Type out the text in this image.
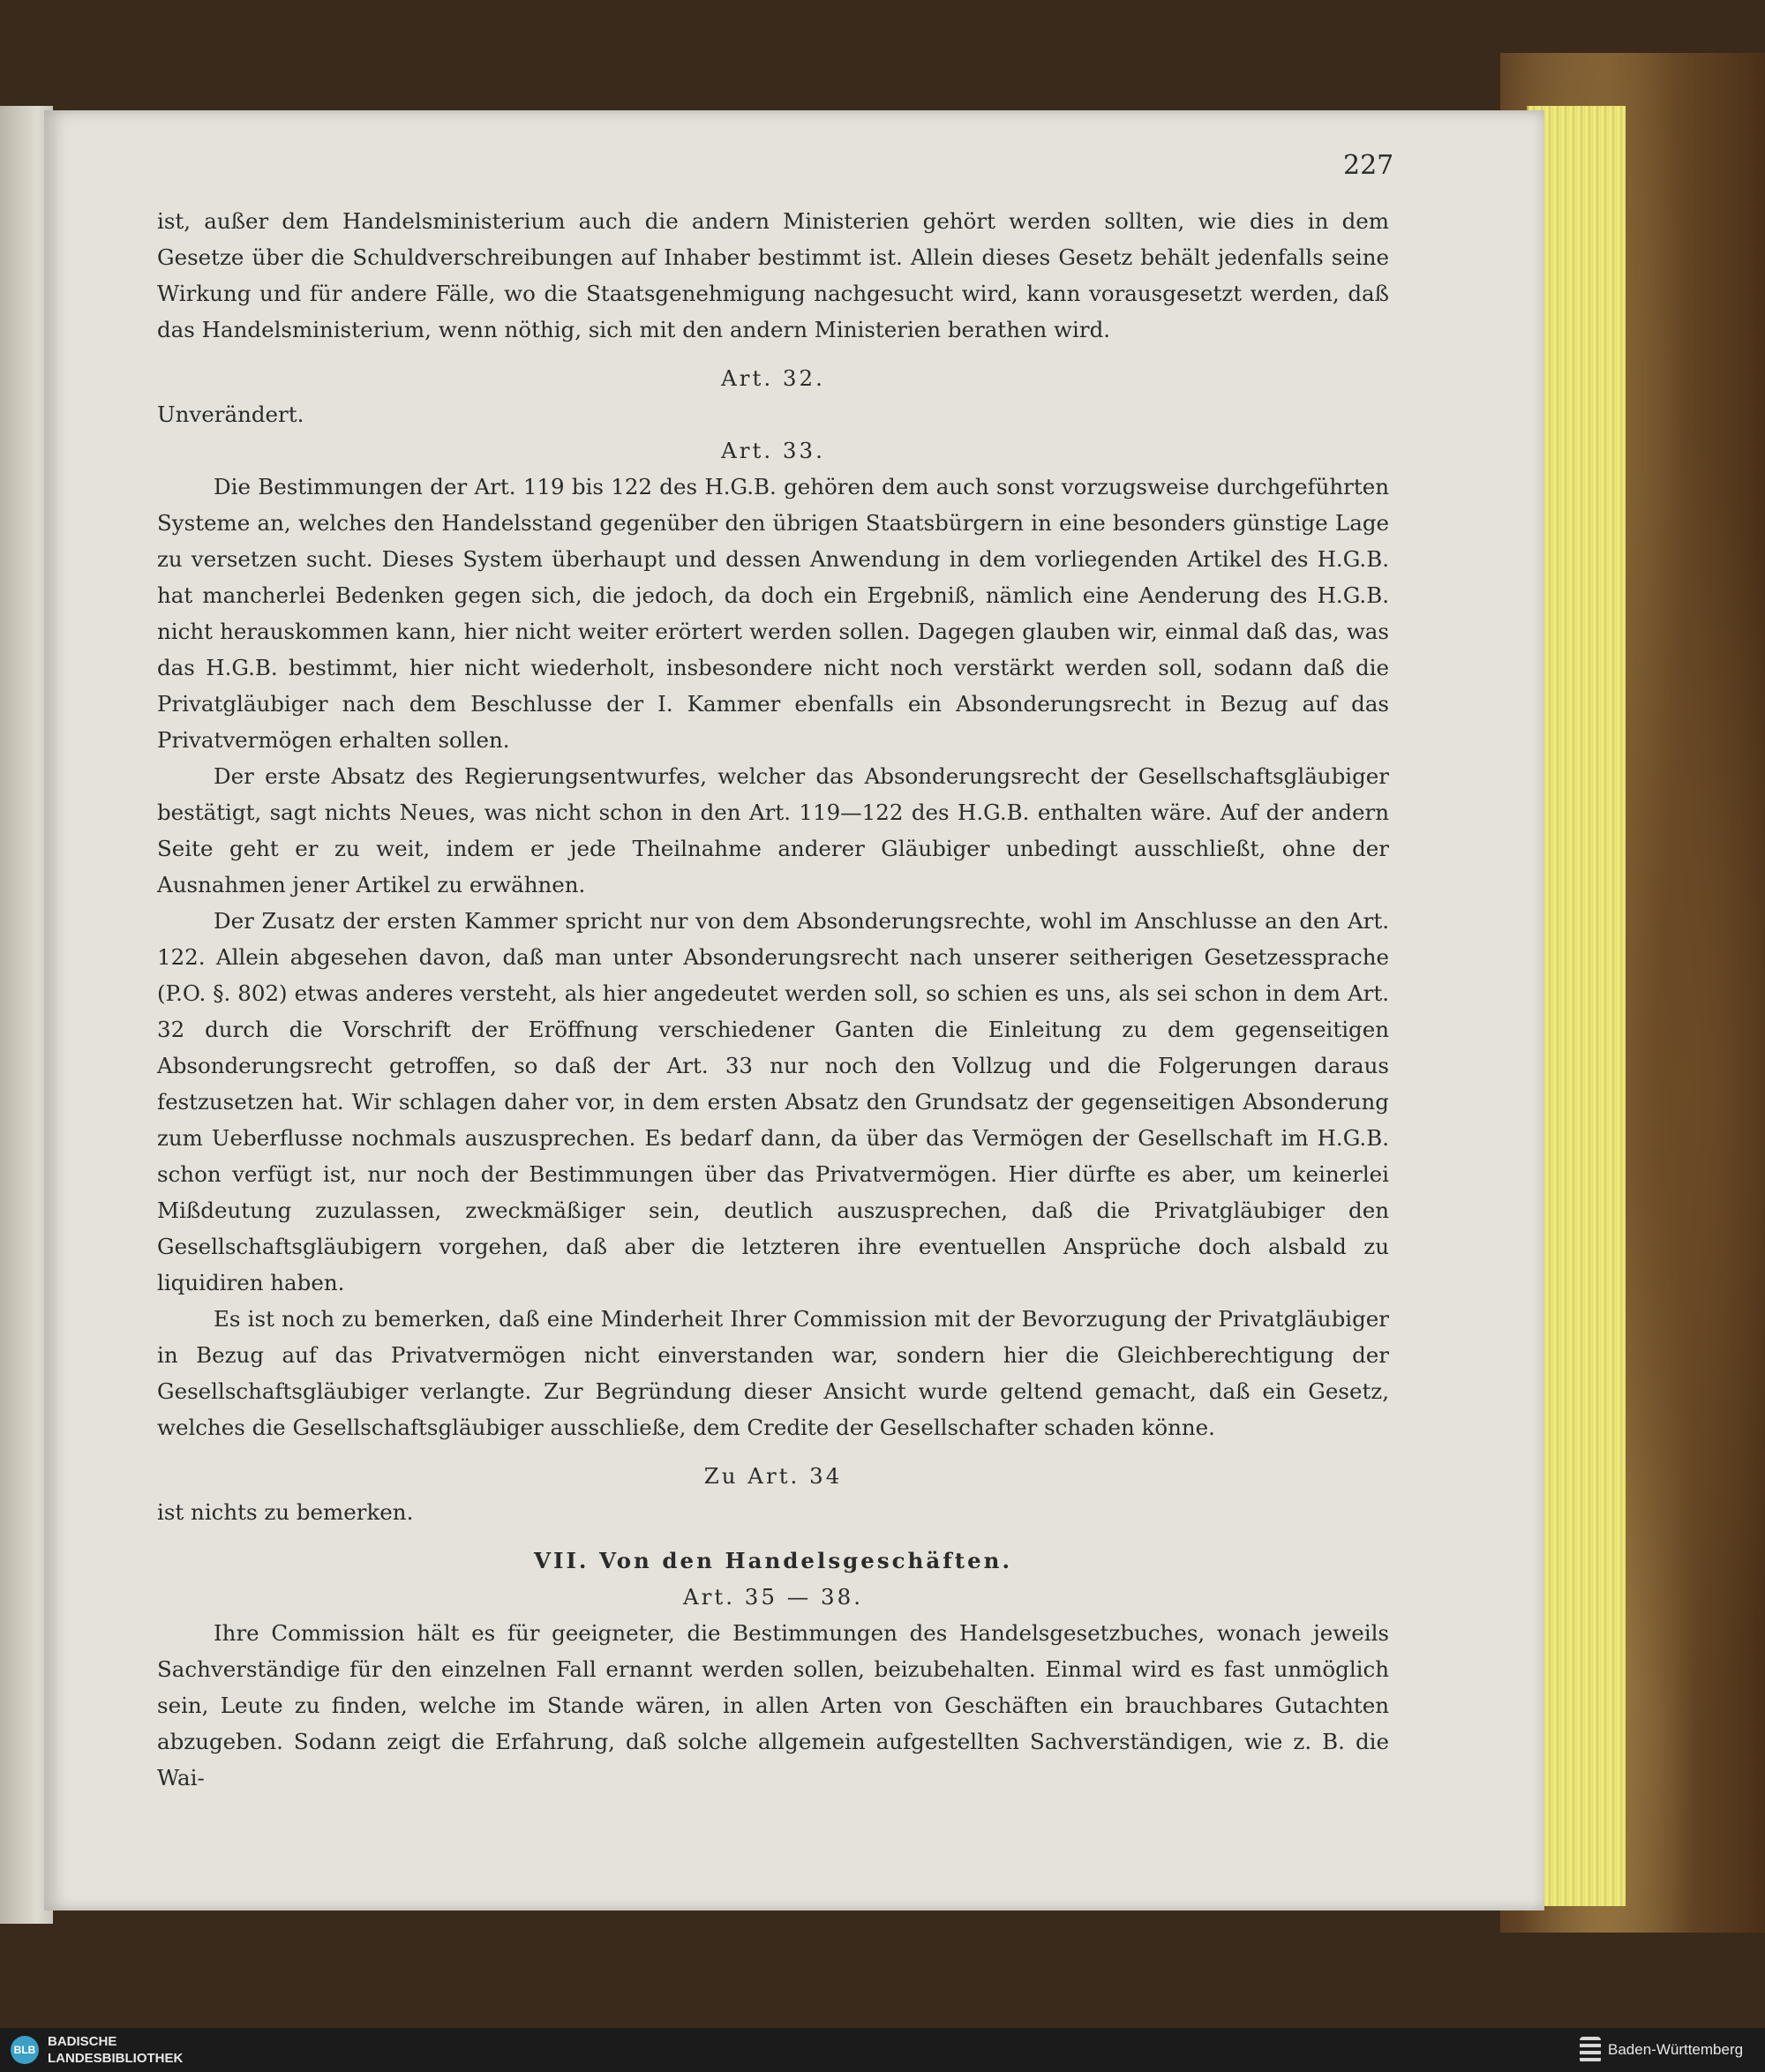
227

ist, außer dem Handelsministerium auch die andern Ministerien gehört werden sollten, wie dies in dem Gesetze über die Schuldverschreibungen auf Inhaber bestimmt ist. Allein dieses Gesetz behält jedenfalls seine Wirkung und für andere Fälle, wo die Staatsgenehmigung nachgesucht wird, kann vorausgesetzt werden, daß das Handelsministerium, wenn nöthig, sich mit den andern Ministerien berathen wird.

Art. 32.

Unverändert.

Art. 33.

Die Bestimmungen der Art. 119 bis 122 des H.G.B. gehören dem auch sonst vorzugsweise durchgeführten Systeme an, welches den Handelsstand gegenüber den übrigen Staatsbürgern in eine besonders günstige Lage zu versetzen sucht. Dieses System überhaupt und dessen Anwendung in dem vorliegenden Artikel des H.G.B. hat mancherlei Bedenken gegen sich, die jedoch, da doch ein Ergebniß, nämlich eine Aenderung des H.G.B. nicht herauskommen kann, hier nicht weiter erörtert werden sollen. Dagegen glauben wir, einmal daß das, was das H.G.B. bestimmt, hier nicht wiederholt, insbesondere nicht noch verstärkt werden soll, sodann daß die Privatgläubiger nach dem Beschlusse der I. Kammer ebenfalls ein Absonderungsrecht in Bezug auf das Privatvermögen erhalten sollen.

Der erste Absatz des Regierungsentwurfes, welcher das Absonderungsrecht der Gesellschaftsgläubiger bestätigt, sagt nichts Neues, was nicht schon in den Art. 119—122 des H.G.B. enthalten wäre. Auf der andern Seite geht er zu weit, indem er jede Theilnahme anderer Gläubiger unbedingt ausschließt, ohne der Ausnahmen jener Artikel zu erwähnen.

Der Zusatz der ersten Kammer spricht nur von dem Absonderungsrechte, wohl im Anschlusse an den Art. 122. Allein abgesehen davon, daß man unter Absonderungsrecht nach unserer seitherigen Gesetzessprache (P.O. §. 802) etwas anderes versteht, als hier angedeutet werden soll, so schien es uns, als sei schon in dem Art. 32 durch die Vorschrift der Eröffnung verschiedener Ganten die Einleitung zu dem gegenseitigen Absonderungsrecht getroffen, so daß der Art. 33 nur noch den Vollzug und die Folgerungen daraus festzusetzen hat. Wir schlagen daher vor, in dem ersten Absatz den Grundsatz der gegenseitigen Absonderung zum Ueberflusse nochmals auszusprechen. Es bedarf dann, da über das Vermögen der Gesellschaft im H.G.B. schon verfügt ist, nur noch der Bestimmungen über das Privatvermögen. Hier dürfte es aber, um keinerlei Mißdeutung zuzulassen, zweckmäßiger sein, deutlich auszusprechen, daß die Privatgläubiger den Gesellschaftsgläubigern vorgehen, daß aber die letzteren ihre eventuellen Ansprüche doch alsbald zu liquidiren haben.

Es ist noch zu bemerken, daß eine Minderheit Ihrer Commission mit der Bevorzugung der Privatgläubiger in Bezug auf das Privatvermögen nicht einverstanden war, sondern hier die Gleichberechtigung der Gesellschaftsgläubiger verlangte. Zur Begründung dieser Ansicht wurde geltend gemacht, daß ein Gesetz, welches die Gesellschaftsgläubiger ausschließe, dem Credite der Gesellschafter schaden könne.

Zu Art. 34

ist nichts zu bemerken.

VII. Von den Handelsgeschäften.

Art. 35 — 38.

Ihre Commission hält es für geeigneter, die Bestimmungen des Handelsgesetzbuches, wonach jeweils Sachverständige für den einzelnen Fall ernannt werden sollen, beizubehalten. Einmal wird es fast unmöglich sein, Leute zu finden, welche im Stande wären, in allen Arten von Geschäften ein brauchbares Gutachten abzugeben. Sodann zeigt die Erfahrung, daß solche allgemein aufgestellten Sachverständigen, wie z. B. die Wai-

BLB
BADISCHE
LANDESBIBLIOTHEK
Baden-Württemberg
